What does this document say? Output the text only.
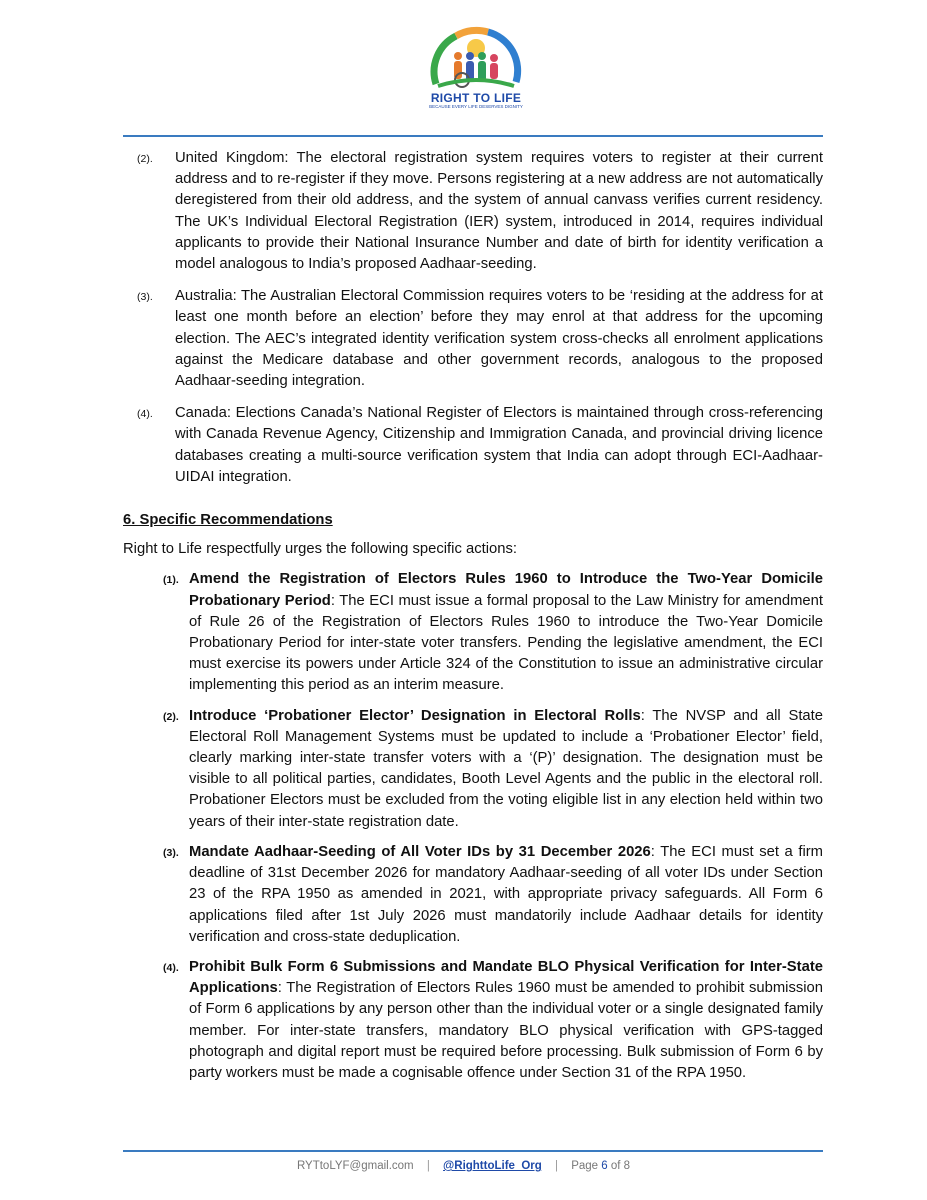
RIGHT TO LIFE
BECAUSE EVERY LIFE DESERVES DIGNITY
(2). United Kingdom: The electoral registration system requires voters to register at their current address and to re-register if they move. Persons registering at a new address are not automatically deregistered from their old address, and the system of annual canvass verifies current residency. The UK’s Individual Electoral Registration (IER) system, introduced in 2014, requires individual applicants to provide their National Insurance Number and date of birth for identity verification a model analogous to India’s proposed Aadhaar-seeding.
(3). Australia: The Australian Electoral Commission requires voters to be ‘residing at the address for at least one month before an election’ before they may enrol at that address for the upcoming election. The AEC’s integrated identity verification system cross-checks all enrolment applications against the Medicare database and other government records, analogous to the proposed Aadhaar-seeding integration.
(4). Canada: Elections Canada’s National Register of Electors is maintained through cross-referencing with Canada Revenue Agency, Citizenship and Immigration Canada, and provincial driving licence databases creating a multi-source verification system that India can adopt through ECI-Aadhaar-UIDAI integration.
6. Specific Recommendations
Right to Life respectfully urges the following specific actions:
(1). Amend the Registration of Electors Rules 1960 to Introduce the Two-Year Domicile Probationary Period: The ECI must issue a formal proposal to the Law Ministry for amendment of Rule 26 of the Registration of Electors Rules 1960 to introduce the Two-Year Domicile Probationary Period for inter-state voter transfers. Pending the legislative amendment, the ECI must exercise its powers under Article 324 of the Constitution to issue an administrative circular implementing this period as an interim measure.
(2). Introduce ‘Probationer Elector’ Designation in Electoral Rolls: The NVSP and all State Electoral Roll Management Systems must be updated to include a ‘Probationer Elector’ field, clearly marking inter-state transfer voters with a ‘(P)’ designation. The designation must be visible to all political parties, candidates, Booth Level Agents and the public in the electoral roll. Probationer Electors must be excluded from the voting eligible list in any election held within two years of their inter-state registration date.
(3). Mandate Aadhaar-Seeding of All Voter IDs by 31 December 2026: The ECI must set a firm deadline of 31st December 2026 for mandatory Aadhaar-seeding of all voter IDs under Section 23 of the RPA 1950 as amended in 2021, with appropriate privacy safeguards. All Form 6 applications filed after 1st July 2026 must mandatorily include Aadhaar details for identity verification and cross-state deduplication.
(4). Prohibit Bulk Form 6 Submissions and Mandate BLO Physical Verification for Inter-State Applications: The Registration of Electors Rules 1960 must be amended to prohibit submission of Form 6 applications by any person other than the individual voter or a single designated family member. For inter-state transfers, mandatory BLO physical verification with GPS-tagged photograph and digital report must be required before processing. Bulk submission of Form 6 by party workers must be made a cognisable offence under Section 31 of the RPA 1950.
RYTtoLYF@gmail.com | @RighttoLife_Org | Page 6 of 8
